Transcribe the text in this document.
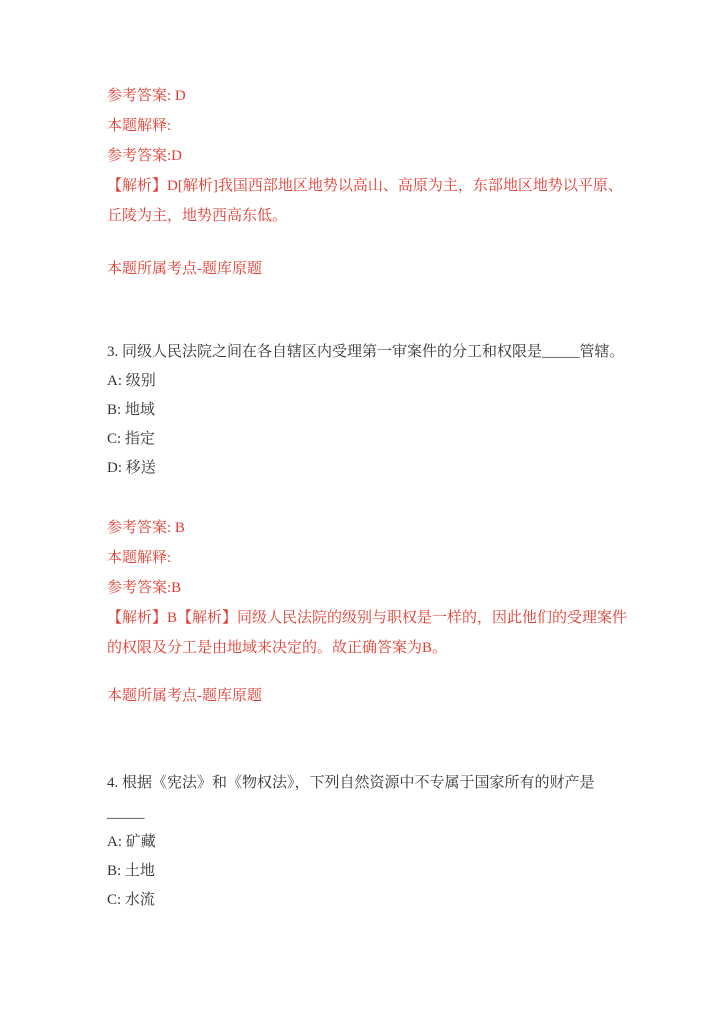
参考答案: D
本题解释:
参考答案:D
【解析】D[解析]我国西部地区地势以高山、高原为主，东部地区地势以平原、
丘陵为主，地势西高东低。
本题所属考点-题库原题
3. 同级人民法院之间在各自辖区内受理第一审案件的分工和权限是_____管辖。
A: 级别
B: 地域
C: 指定
D: 移送
参考答案: B
本题解释:
参考答案:B
【解析】B【解析】同级人民法院的级别与职权是一样的，因此他们的受理案件
的权限及分工是由地域来决定的。故正确答案为B。
本题所属考点-题库原题
4. 根据《宪法》和《物权法》，下列自然资源中不专属于国家所有的财产是
_____
A: 矿藏
B: 土地
C: 水流
